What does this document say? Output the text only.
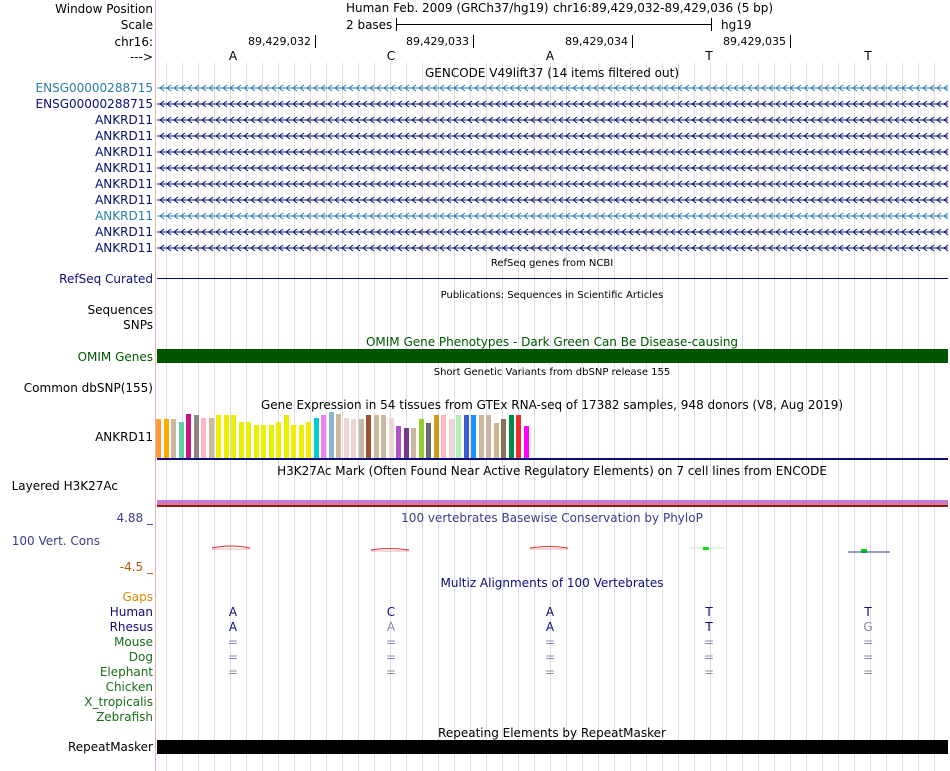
Window Position
Scale
chr16:
--->
Human Feb. 2009 (GRCh37/hg19) chr16:89,429,032-89,429,036 (5 bp)
2 bases	hg19
89,429,032	89,429,033	89,429,034	89,429,035
A	C	A	T	T
GENCODE V49lift37 (14 items filtered out)
ENSG00000288715
ENSG00000288715
ANKRD11
ANKRD11
ANKRD11
ANKRD11
ANKRD11
ANKRD11
ANKRD11
ANKRD11
ANKRD11
RefSeq genes from NCBI
RefSeq Curated
Publications: Sequences in Scientific Articles
Sequences
SNPs
OMIM Gene Phenotypes - Dark Green Can Be Disease-causing
OMIM Genes
Short Genetic Variants from dbSNP release 155
Common dbSNP(155)
Gene Expression in 54 tissues from GTEx RNA-seq of 17382 samples, 948 donors (V8, Aug 2019)
ANKRD11
H3K27Ac Mark (Often Found Near Active Regulatory Elements) on 7 cell lines from ENCODE
Layered H3K27Ac
100 vertebrates Basewise Conservation by PhyloP
4.88 _
100 Vert. Cons
-4.5 _
Multiz Alignments of 100 Vertebrates
Gaps
Human	A	C	A	T	T
Rhesus	A	A	A	T	G
Mouse	=	=	=	=	=
Dog	=	=	=	=	=
Elephant	=	=	=	=	=
Chicken
X_tropicalis
Zebrafish
Repeating Elements by RepeatMasker
RepeatMasker
